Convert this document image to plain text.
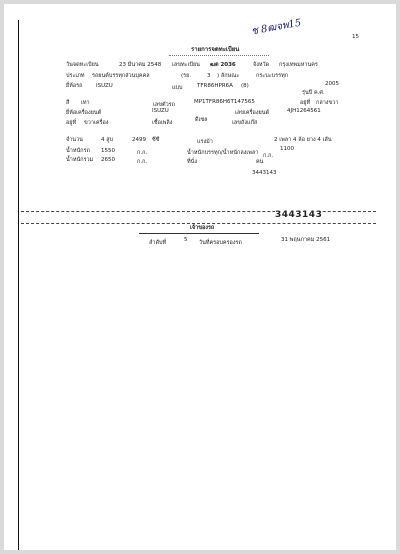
ช 8ฒจพ15	15
รายการจดทะเบียน
วันจดทะเบียน	23 มีนาคม 2548 เลขทะเบียน ฒต 2036	จังหวัด กรุงเทพมหานคร
ประเภท รถยนต์บรรทุกส่วนบุคคล	(รย.	3 ) ลักษณะ	กระบะบรรทุก
ยี่ห้อรถ ISUZU	แบบ	TFR86HPR6A (8)	2005
รุ่นปี ค.ศ.
สี เทา	เลขตัวรถ	MP1TFR86H6T147565	อยู่ที่ กลางขวา
ยี่ห้อเครื่องยนต์	ISUZU	เลขเครื่องยนต์	4JH1264561
อยู่ที่ ขวาเครื่อง	เชื้อเพลิง	ดีเซล	เลขถังแก๊ส
จำนวน	4 สูบ	2499 ซีซี	แรงม้า	2 เพลา 4 ล้อ ยาง 4 เส้น
น้ำหนักรถ 1550	ก.ก.	น้ำหนักบรรทุก/น้ำหนักลงเพลา
1100
น้ำหนักรวม 2650	ก.ก.	ที่นั่ง	คน
ก.ก.
3443143
3443143
เจ้าของรถ
ลำดับที่	5 วันที่ครอบครองรถ	31 พฤษภาคม 2561
